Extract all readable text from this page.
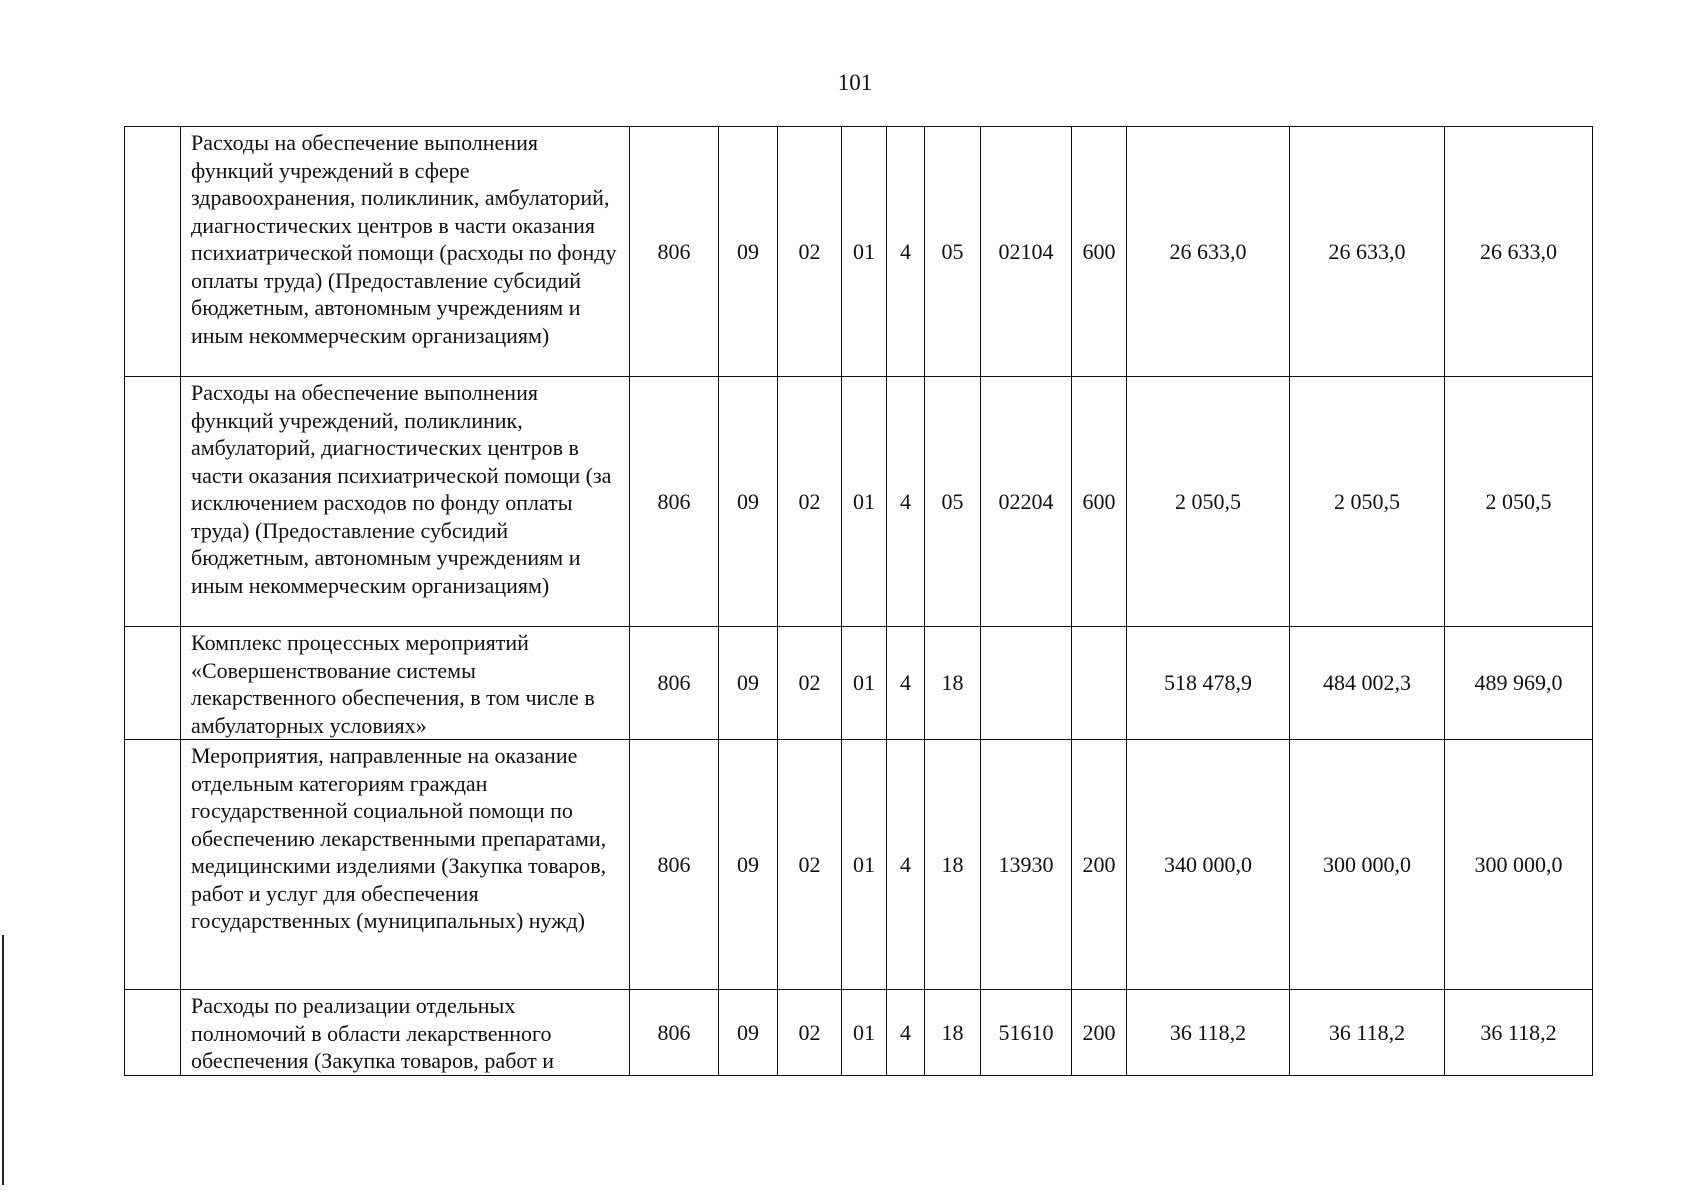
101
	Расходы на обеспечение выполнения функций учреждений в сфере здравоохранения, поликлиник, амбулаторий, диагностических центров в части оказания психиатрической помощи (расходы по фонду оплаты труда) (Предоставление субсидий бюджетным, автономным учреждениям и иным некоммерческим организациям)	806	09	02	01	4	05	02104	600	26 633,0	26 633,0	26 633,0
	Расходы на обеспечение выполнения функций учреждений, поликлиник, амбулаторий, диагностических центров в части оказания психиатрической помощи (за исключением расходов по фонду оплаты труда) (Предоставление субсидий бюджетным, автономным учреждениям и иным некоммерческим организациям)	806	09	02	01	4	05	02204	600	2 050,5	2 050,5	2 050,5
	Комплекс процессных мероприятий «Совершенствование системы лекарственного обеспечения, в том числе в амбулаторных условиях»	806	09	02	01	4	18			518 478,9	484 002,3	489 969,0
	Мероприятия, направленные на оказание отдельным категориям граждан государственной социальной помощи по обеспечению лекарственными препаратами, медицинскими изделиями (Закупка товаров, работ и услуг для обеспечения государственных (муниципальных) нужд)	806	09	02	01	4	18	13930	200	340 000,0	300 000,0	300 000,0
	Расходы по реализации отдельных полномочий в области лекарственного обеспечения (Закупка товаров, работ и	806	09	02	01	4	18	51610	200	36 118,2	36 118,2	36 118,2
